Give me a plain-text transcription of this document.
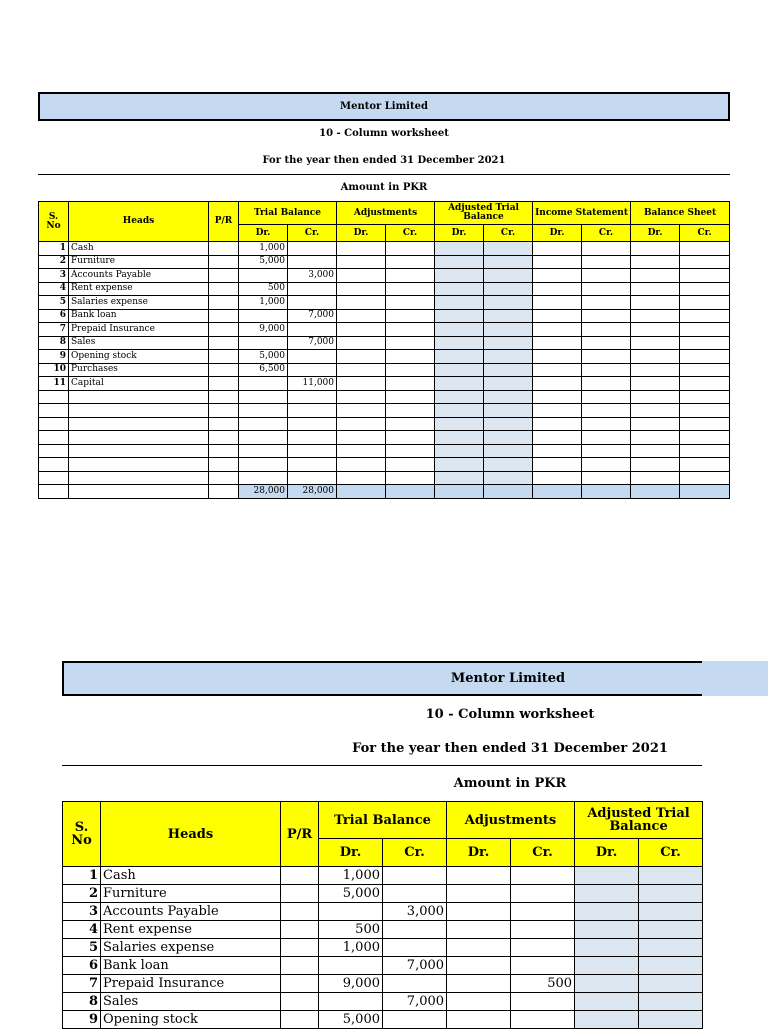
Mentor Limited
10 - Column worksheet
For the year then ended 31 December 2021
Amount in PKR
S. No	Heads	P/R	Trial Balance		Adjustments		Adjusted Trial Balance		Income Statement		Balance Sheet	
			Dr.	Cr.	Dr.	Cr.	Dr.	Cr.	Dr.	Cr.	Dr.	Cr.
1	Cash		1,000									
2	Furniture		5,000									
3	Accounts Payable			3,000								
4	Rent expense		500									
5	Salaries expense		1,000									
6	Bank loan			7,000								
7	Prepaid Insurance		9,000									
8	Sales			7,000								
9	Opening stock		5,000									
10	Purchases		6,500									
11	Capital			11,000								

			28,000	28,000								
Mentor Limited
10 - Column worksheet
For the year then ended 31 December 2021
Amount in PKR
S. No	Heads	P/R	Trial Balance		Adjustments		Adjusted Trial Balance	
			Dr.	Cr.	Dr.	Cr.	Dr.	Cr.
1	Cash		1,000					
2	Furniture		5,000					
3	Accounts Payable			3,000				
4	Rent expense		500					
5	Salaries expense		1,000					
6	Bank loan			7,000				
7	Prepaid Insurance		9,000			500		
8	Sales			7,000				
9	Opening stock		5,000					
